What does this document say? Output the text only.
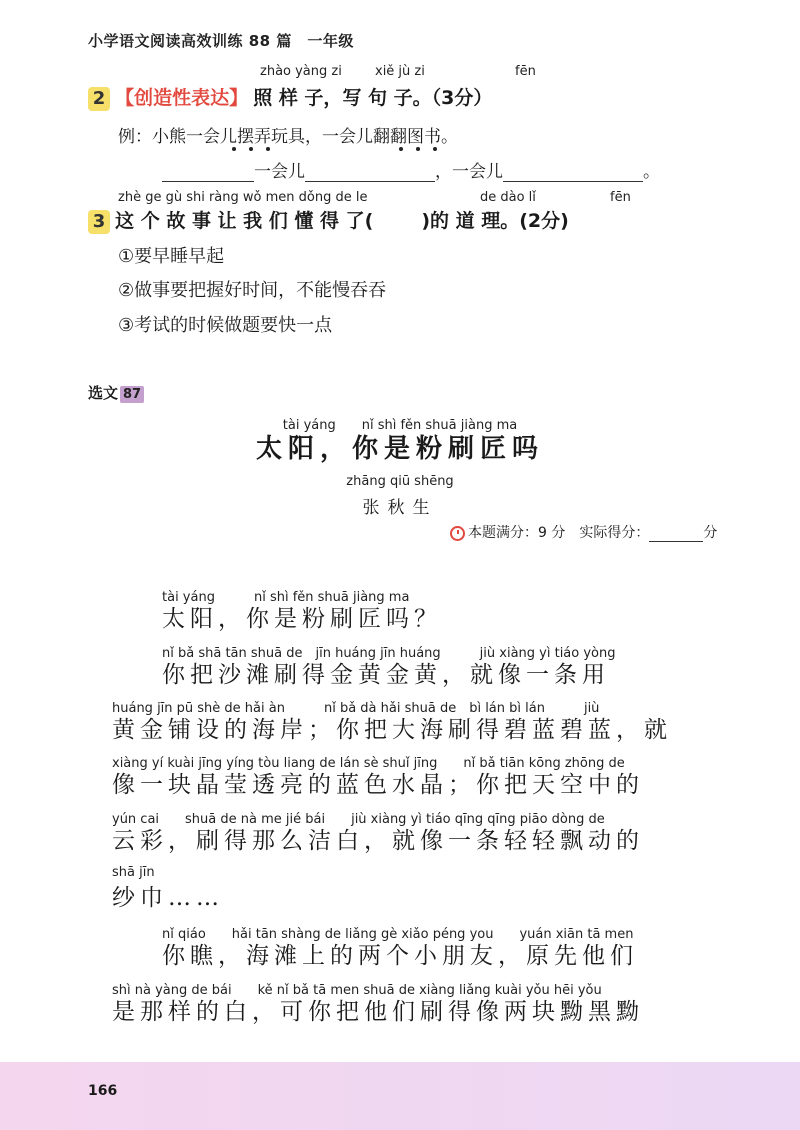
小学语文阅读高效训练 88 篇　一年级
zhào yàng zi	xiě jù zi	fēn
2 【创造性表达】 照 样 子，写 句 子。（3分）
例：小熊一会儿摆弄玩具，一会儿翻翻图书。
一会儿	，一会儿	。
zhè ge gù shi ràng wǒ men dǒng de le	de dào lǐ	fēn
3 这 个 故 事 让 我 们 懂 得 了(	)的 道 理。(2分)
①要早睡早起
②做事要把握好时间，不能慢吞吞
③考试的时候做题要快一点
选文 87
tài yáng　　nǐ shì fěn shuā jiàng ma
太阳，你是粉刷匠吗
zhāng qiū shēng
张秋生
本题满分：9 分　实际得分：	分
tài yáng　　　nǐ shì fěn shuā jiàng ma
太阳，你是粉刷匠吗？
nǐ bǎ shā tān shuā de　jīn huáng jīn huáng　　　jiù xiàng yì tiáo yòng
你把沙滩刷得金黄金黄，就像一条用
huáng jīn pū shè de hǎi àn　　　nǐ bǎ dà hǎi shuā de　bì lán bì lán　　　jiù
黄金铺设的海岸；你把大海刷得碧蓝碧蓝，就
xiàng yí kuài jīng yíng tòu liang de lán sè shuǐ jīng　　nǐ bǎ tiān kōng zhōng de
像一块晶莹透亮的蓝色水晶；你把天空中的
yún cai　　shuā de nà me jié bái　　jiù xiàng yì tiáo qīng qīng piāo dòng de
云彩，刷得那么洁白，就像一条轻轻飘动的
shā jīn
纱巾……
nǐ qiáo　　hǎi tān shàng de liǎng gè xiǎo péng you　　yuán xiān tā men
你瞧，海滩上的两个小朋友，原先他们
shì nà yàng de bái　　kě nǐ bǎ tā men shuā de xiàng liǎng kuài yǒu hēi yǒu
是那样的白，可你把他们刷得像两块黝黑黝
166
